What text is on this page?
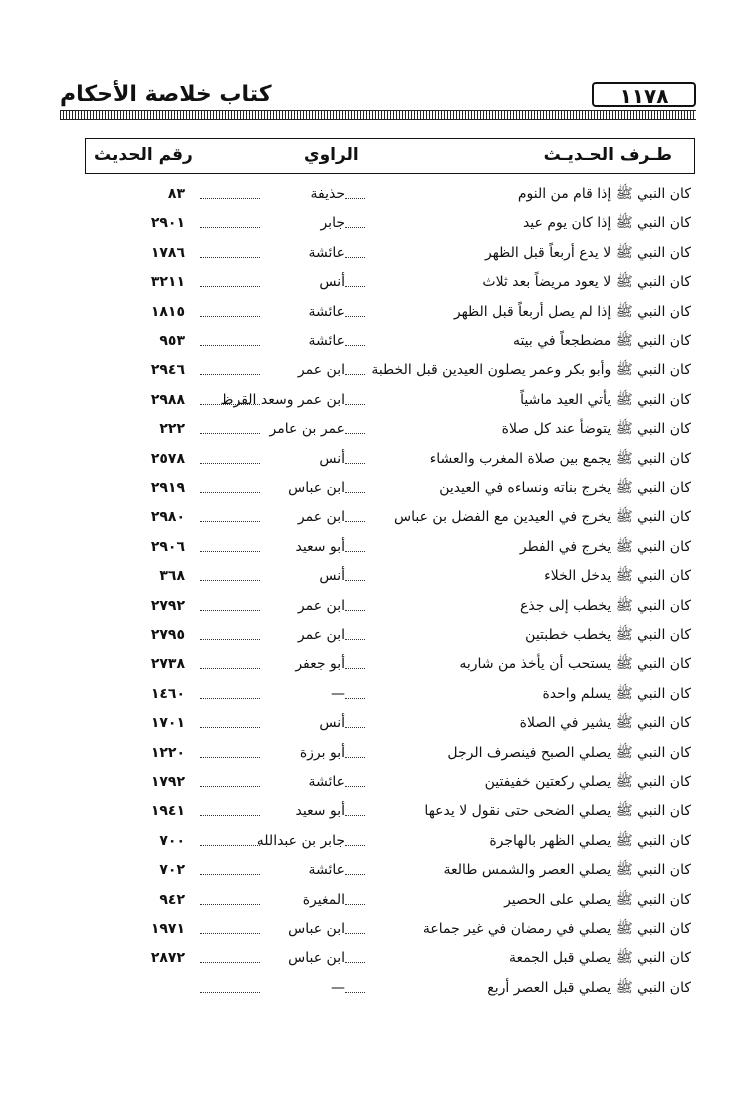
كتاب خلاصة الأحكام	١١٧٨
طـرف الحـديـث
الراوي
رقم الحديث
كان النبي ﷺ إذا قام من النوم
حذيفة
٨٣
كان النبي ﷺ إذا كان يوم عيد
جابر
٢٩٠١
كان النبي ﷺ لا يدع أربعاً قبل الظهر
عائشة
١٧٨٦
كان النبي ﷺ لا يعود مريضاً بعد ثلاث
أنس
٣٢١١
كان النبي ﷺ إذا لم يصل أربعاً قبل الظهر
عائشة
١٨١٥
كان النبي ﷺ مضطجعاً في بيته
عائشة
٩٥٣
كان النبي ﷺ وأبو بكر وعمر يصلون العيدين قبل الخطبة
ابن عمر
٢٩٤٦
كان النبي ﷺ يأتي العيد ماشياً
ابن عمر وسعد القرظ
٢٩٨٨
كان النبي ﷺ يتوضأ عند كل صلاة
عمر بن عامر
٢٢٢
كان النبي ﷺ يجمع بين صلاة المغرب والعشاء
أنس
٢٥٧٨
كان النبي ﷺ يخرج بناته ونساءه في العيدين
ابن عباس
٢٩١٩
كان النبي ﷺ يخرج في العيدين مع الفضل بن عباس
ابن عمر
٢٩٨٠
كان النبي ﷺ يخرج في الفطر
أبو سعيد
٢٩٠٦
كان النبي ﷺ يدخل الخلاء
أنس
٣٦٨
كان النبي ﷺ يخطب إلى جذع
ابن عمر
٢٧٩٢
كان النبي ﷺ يخطب خطبتين
ابن عمر
٢٧٩٥
كان النبي ﷺ يستحب أن يأخذ من شاربه
أبو جعفر
٢٧٣٨
كان النبي ﷺ يسلم واحدة
—
١٤٦٠
كان النبي ﷺ يشير في الصلاة
أنس
١٧٠١
كان النبي ﷺ يصلي الصبح فينصرف الرجل
أبو برزة
١٢٢٠
كان النبي ﷺ يصلي ركعتين خفيفتين
عائشة
١٧٩٢
كان النبي ﷺ يصلي الضحى حتى نقول لا يدعها
أبو سعيد
١٩٤١
كان النبي ﷺ يصلي الظهر بالهاجرة
جابر بن عبدالله
٧٠٠
كان النبي ﷺ يصلي العصر والشمس طالعة
عائشة
٧٠٢
كان النبي ﷺ يصلي على الحصير
المغيرة
٩٤٢
كان النبي ﷺ يصلي في رمضان في غير جماعة
ابن عباس
١٩٧١
كان النبي ﷺ يصلي قبل الجمعة
ابن عباس
٢٨٧٢
كان النبي ﷺ يصلي قبل العصر أربع
—
